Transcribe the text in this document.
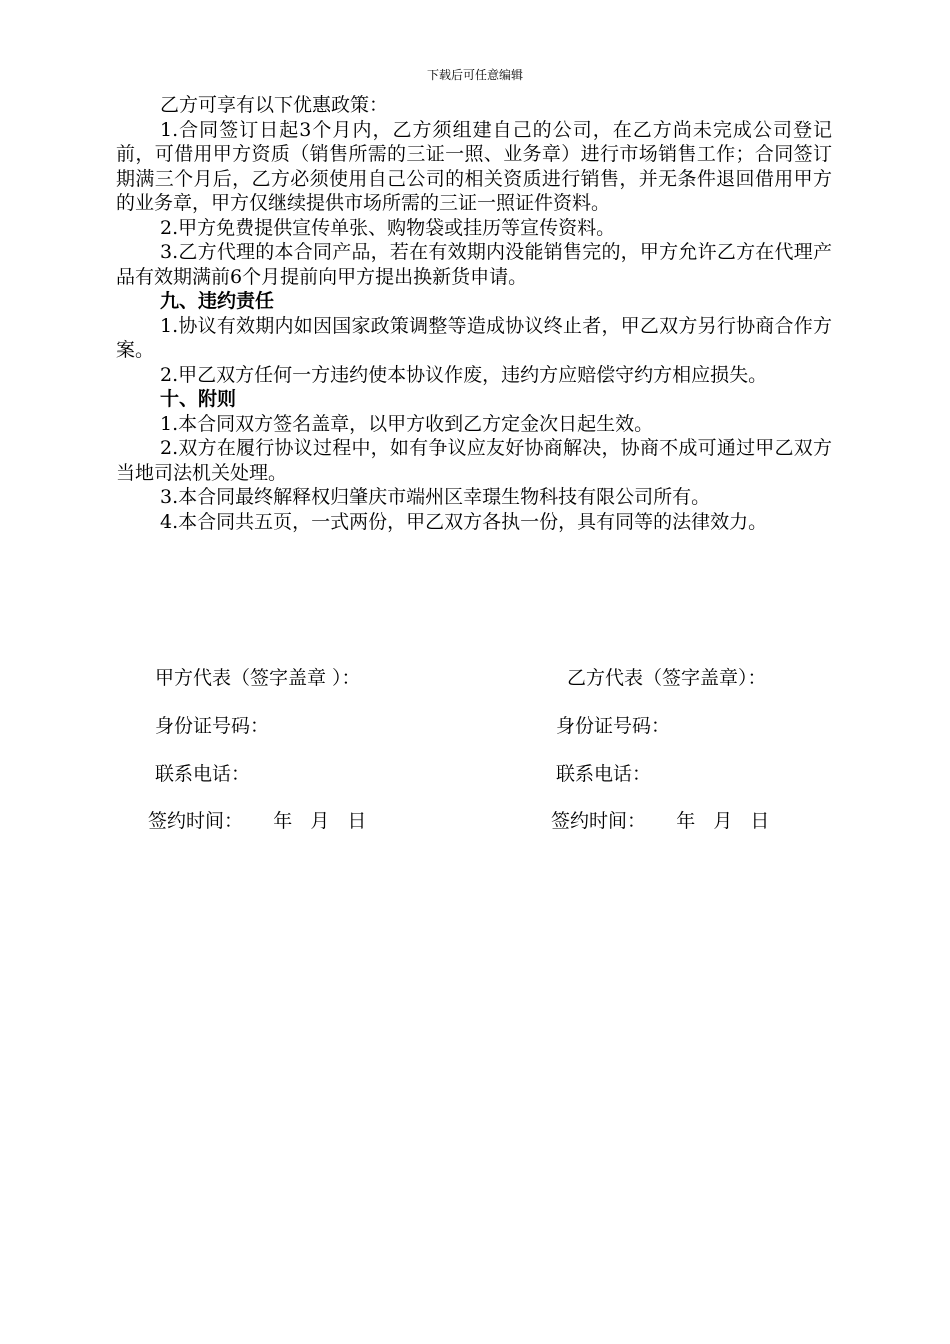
下载后可任意编辑

乙方可享有以下优惠政策：

1.合同签订日起3个月内，乙方须组建自己的公司，在乙方尚未完成公司登记前，可借用甲方资质（销售所需的三证一照、业务章）进行市场销售工作；合同签订期满三个月后，乙方必须使用自己公司的相关资质进行销售，并无条件退回借用甲方的业务章，甲方仅继续提供市场所需的三证一照证件资料。

2.甲方免费提供宣传单张、购物袋或挂历等宣传资料。

3.乙方代理的本合同产品，若在有效期内没能销售完的，甲方允许乙方在代理产品有效期满前6个月提前向甲方提出换新货申请。

九、违约责任

1.协议有效期内如因国家政策调整等造成协议终止者，甲乙双方另行协商合作方案。

2.甲乙双方任何一方违约使本协议作废，违约方应赔偿守约方相应损失。

十、附则

1.本合同双方签名盖章，以甲方收到乙方定金次日起生效。

2.双方在履行协议过程中，如有争议应友好协商解决，协商不成可通过甲乙双方当地司法机关处理。

3.本合同最终解释权归肇庆市端州区幸璟生物科技有限公司所有。

4.本合同共五页，一式两份，甲乙双方各执一份，具有同等的法律效力。

甲方代表（签字盖章 ）：	乙方代表（签字盖章）：
身份证号码：	身份证号码：
联系电话：	联系电话：
签约时间：     年   月   日	签约时间：     年   月   日
